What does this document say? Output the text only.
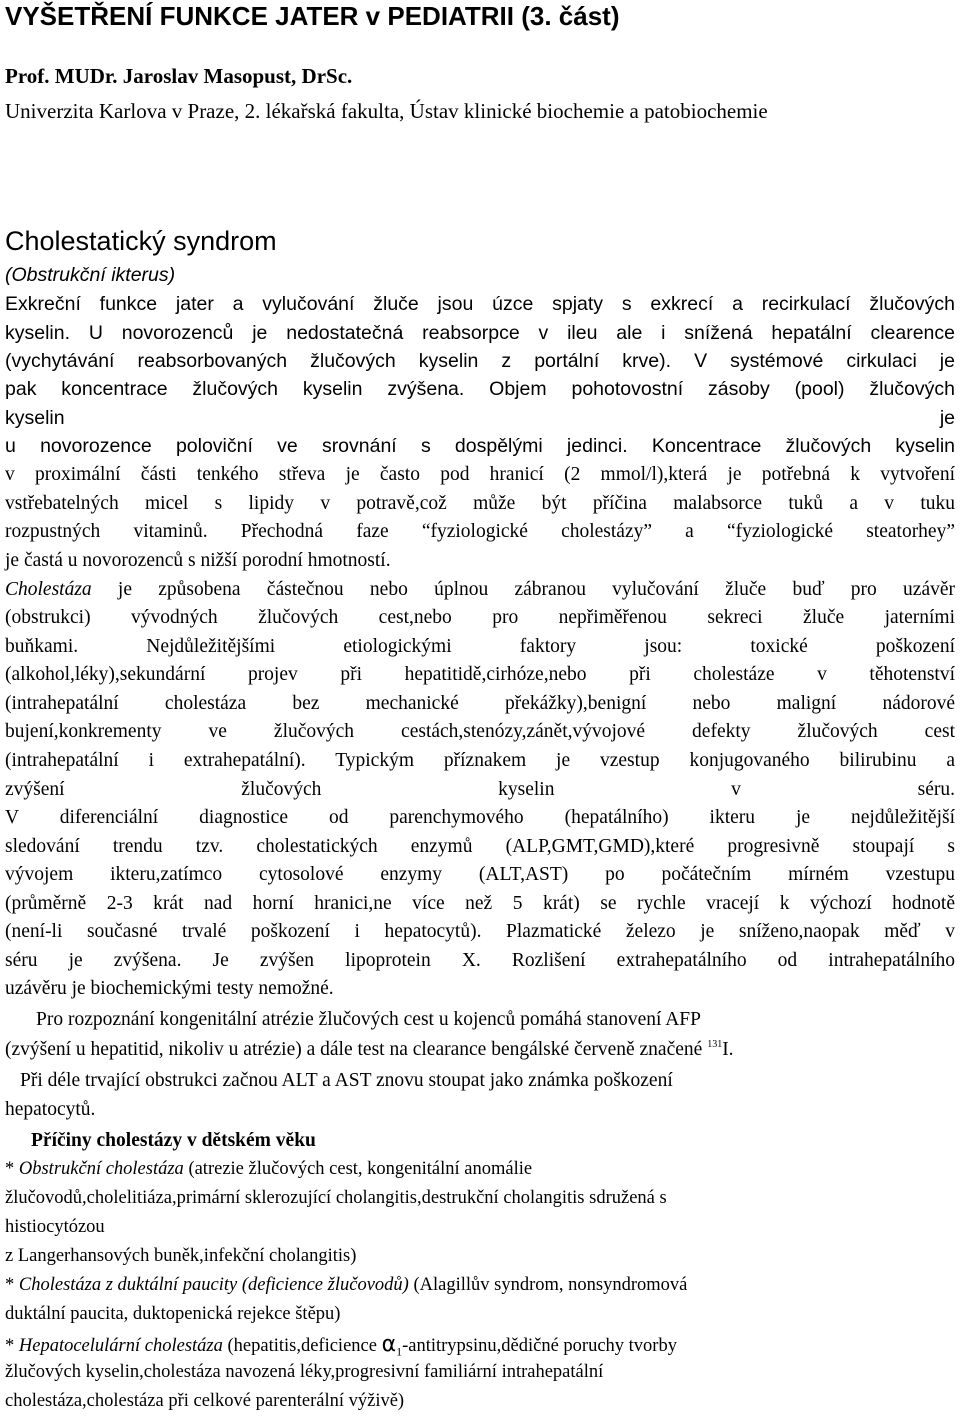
VYŠETŘENÍ FUNKCE JATER v PEDIATRII (3. část)
Prof. MUDr. Jaroslav Masopust, DrSc.
Univerzita Karlova v Praze, 2. lékařská fakulta, Ústav klinické biochemie a patobiochemie
Cholestatický syndrom
(Obstrukční ikterus)
Exkreční funkce jater a vylučování žluče jsou úzce spjaty s exkrecí a recirkulací žlučových
kyselin. U novorozenců je nedostatečná reabsorpce v ileu ale i snížená hepatální clearence
(vychytávání reabsorbovaných žlučových kyselin z portální krve). V systémové cirkulaci je
pak koncentrace žlučových kyselin zvýšena. Objem pohotovostní zásoby (pool) žlučových
kyselin je
u novorozence poloviční ve srovnání s dospělými jedinci. Koncentrace žlučových kyselin
v proximální části tenkého střeva je často pod hranicí (2 mmol/l),která je potřebná k vytvoření
vstřebatelných micel s lipidy v potravě,což může být příčina malabsorce tuků a v tuku
rozpustných vitaminů. Přechodná faze “fyziologické cholestázy” a “fyziologické steatorhey”
je častá u novorozenců s nižší porodní hmotností.
Cholestáza je způsobena částečnou nebo úplnou zábranou vylučování žluče buď pro uzávěr
(obstrukci) vývodných žlučových cest,nebo pro nepřiměřenou sekreci žluče jaterními
buňkami. Nejdůležitějšími etiologickými faktory jsou: toxické poškození
(alkohol,léky),sekundární projev při hepatitidě,cirhóze,nebo při cholestáze v těhotenství
(intrahepatální cholestáza bez mechanické překážky),benigní nebo maligní nádorové
bujení,konkrementy ve žlučových cestách,stenózy,zánět,vývojové defekty žlučových cest
(intrahepatální i extrahepatální). Typickým příznakem je vzestup konjugovaného bilirubinu a
zvýšení žlučových kyselin v séru.
V diferenciální diagnostice od parenchymového (hepatálního) ikteru je nejdůležitější
sledování trendu tzv. cholestatických enzymů (ALP,GMT,GMD),které progresivně stoupají s
vývojem ikteru,zatímco cytosolové enzymy (ALT,AST) po počátečním mírném vzestupu
(průměrně 2-3 krát nad horní hranici,ne více než 5 krát) se rychle vracejí k výchozí hodnotě
(není-li současné trvalé poškození i hepatocytů). Plazmatické železo je sníženo,naopak měď v
séru je zvýšena. Je zvýšen lipoprotein X. Rozlišení extrahepatálního od intrahepatálního
uzávěru je biochemickými testy nemožné.
Pro rozpoznání kongenitální atrézie žlučových cest u kojenců pomáhá stanovení AFP
(zvýšení u hepatitid, nikoliv u atrézie) a dále test na clearance bengálské červeně značené $^{131}$I.
Při déle trvající obstrukci začnou ALT a AST znovu stoupat jako známka poškození
hepatocytů.
Příčiny cholestázy v dětském věku
* Obstrukční cholestáza (atrezie žlučových cest, kongenitální anomálie
žlučovodů,cholelitiáza,primární sklerozující cholangitis,destrukční cholangitis sdružená s
histiocytózou
z Langerhansových buněk,infekční cholangitis)
* Cholestáza z duktální paucity (deficience žlučovodů) (Alagillův syndrom, nonsyndromová
duktální paucita, duktopenická rejekce štěpu)
* Hepatocelulární cholestáza (hepatitis,deficience $\alpha_1-antitrypsinu,dědičné$ poruchy tvorby
žlučových kyselin,cholestáza navozená léky,progresivní familiární intrahepatální
cholestáza,cholestáza při celkové parenterální výživě)
